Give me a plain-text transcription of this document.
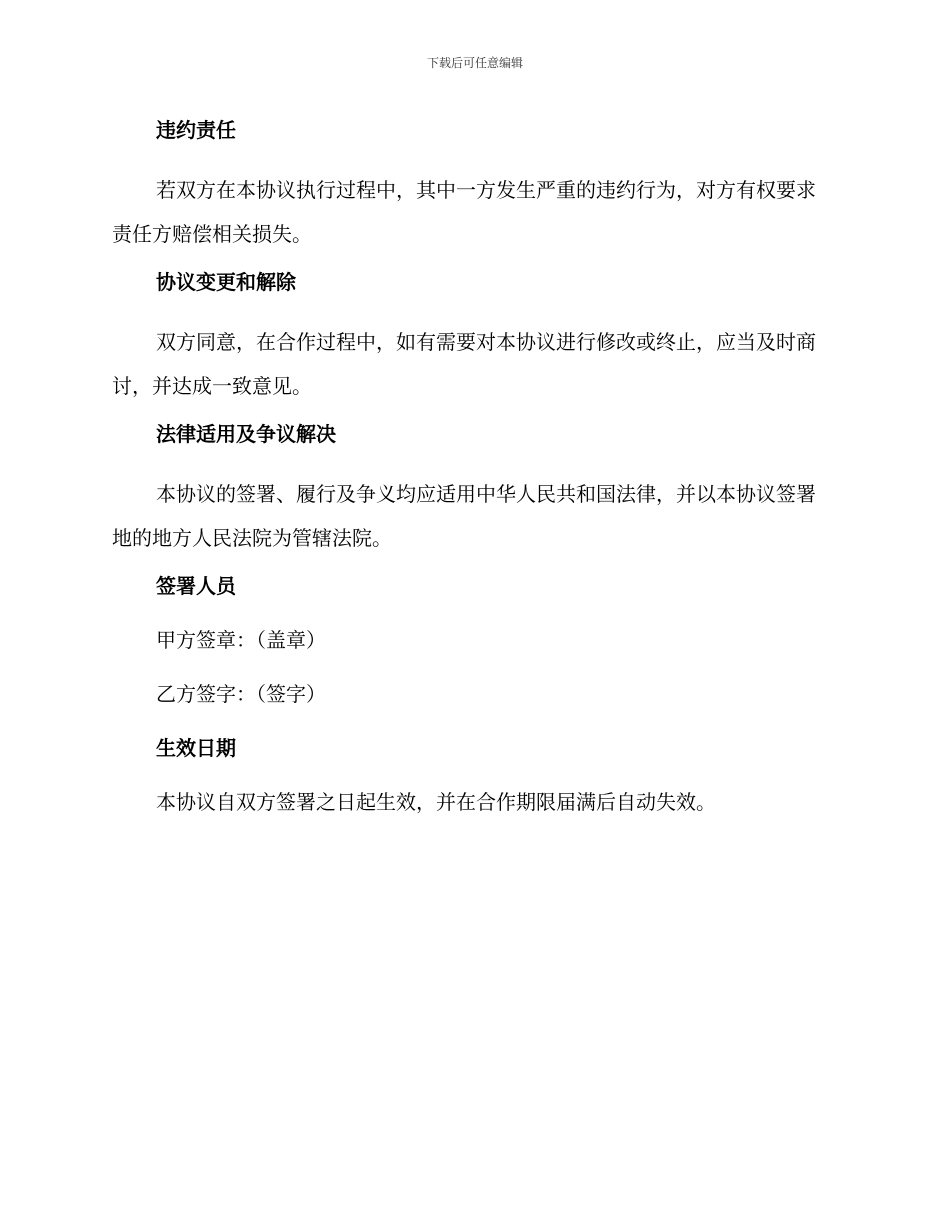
下载后可任意编辑

违约责任

若双方在本协议执行过程中，其中一方发生严重的违约行为，对方有权要求责任方赔偿相关损失。

协议变更和解除

双方同意，在合作过程中，如有需要对本协议进行修改或终止，应当及时商讨，并达成一致意见。

法律适用及争议解决

本协议的签署、履行及争义均应适用中华人民共和国法律，并以本协议签署地的地方人民法院为管辖法院。

签署人员

甲方签章：（盖章）

乙方签字：（签字）

生效日期

本协议自双方签署之日起生效，并在合作期限届满后自动失效。
